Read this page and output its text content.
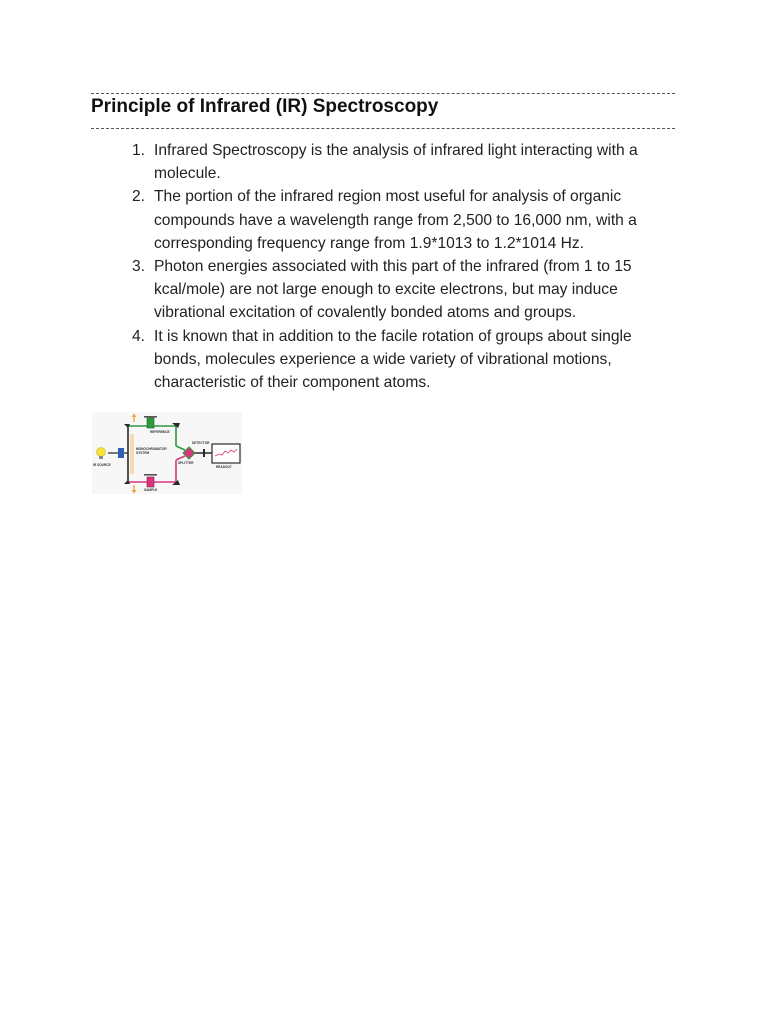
Principle of Infrared (IR) Spectroscopy
1. Infrared Spectroscopy is the analysis of infrared light interacting with a molecule.
2. The portion of the infrared region most useful for analysis of organic compounds have a wavelength range from 2,500 to 16,000 nm, with a corresponding frequency range from 1.9*1013 to 1.2*1014 Hz.
3. Photon energies associated with this part of the infrared (from 1 to 15 kcal/mole) are not large enough to excite electrons, but may induce vibrational excitation of covalently bonded atoms and groups.
4. It is known that in addition to the facile rotation of groups about single bonds, molecules experience a wide variety of vibrational motions, characteristic of their component atoms.
REFERENCE
MONOCHROMATOR
SYSTEM
DETECTOR
SPLITTER
READOUT
IR SOURCE
SAMPLE
